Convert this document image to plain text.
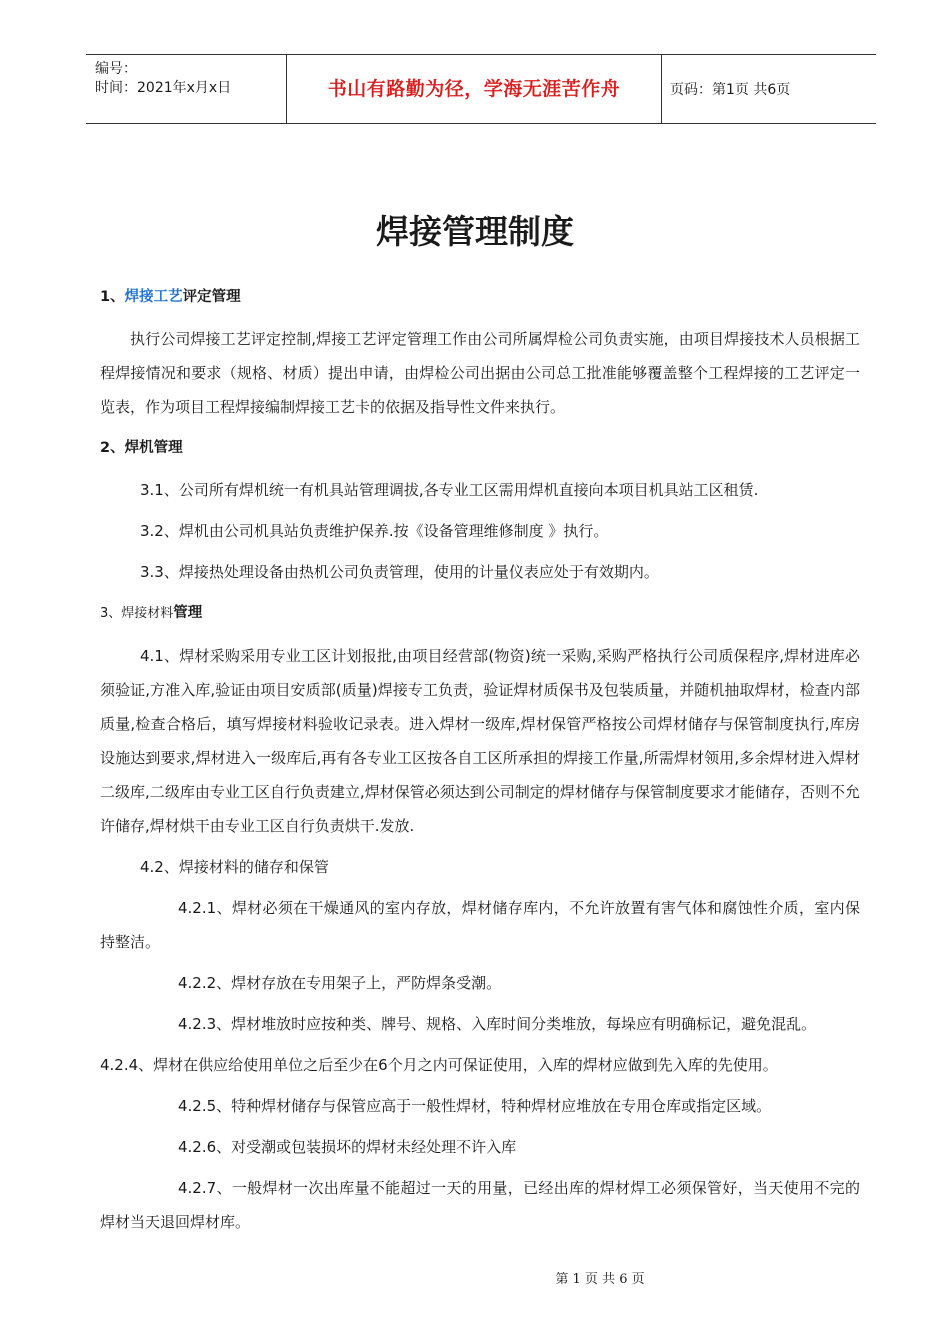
编号：
时间：2021年x月x日	书山有路勤为径，学海无涯苦作舟	页码：第1页 共6页
焊接管理制度

1、焊接工艺评定管理

执行公司焊接工艺评定控制,焊接工艺评定管理工作由公司所属焊检公司负责实施，由项目焊接技术人员根据工程焊接情况和要求（规格、材质）提出申请，由焊检公司出据由公司总工批准能够覆盖整个工程焊接的工艺评定一览表，作为项目工程焊接编制焊接工艺卡的依据及指导性文件来执行。

2、焊机管理

3.1、公司所有焊机统一有机具站管理调拔,各专业工区需用焊机直接向本项目机具站工区租赁.

3.2、焊机由公司机具站负责维护保养.按《设备管理维修制度 》执行。

3.3、焊接热处理设备由热机公司负责管理，使用的计量仪表应处于有效期内。

3、焊接材料管理

4.1、焊材采购采用专业工区计划报批,由项目经营部(物资)统一采购,采购严格执行公司质保程序,焊材进库必须验证,方准入库,验证由项目安质部(质量)焊接专工负责，验证焊材质保书及包装质量，并随机抽取焊材，检查内部质量,检查合格后，填写焊接材料验收记录表。进入焊材一级库,焊材保管严格按公司焊材储存与保管制度执行,库房设施达到要求,焊材进入一级库后,再有各专业工区按各自工区所承担的焊接工作量,所需焊材领用,多余焊材进入焊材二级库,二级库由专业工区自行负责建立,焊材保管必须达到公司制定的焊材储存与保管制度要求才能储存，否则不允许储存,焊材烘干由专业工区自行负责烘干.发放.

4.2、焊接材料的储存和保管

4.2.1、焊材必须在干燥通风的室内存放，焊材储存库内，不允许放置有害气体和腐蚀性介质，室内保持整洁。

4.2.2、焊材存放在专用架子上，严防焊条受潮。

4.2.3、焊材堆放时应按种类、牌号、规格、入库时间分类堆放，每垛应有明确标记，避免混乱。

4.2.4、焊材在供应给使用单位之后至少在6个月之内可保证使用，入库的焊材应做到先入库的先使用。

4.2.5、特种焊材储存与保管应高于一般性焊材，特种焊材应堆放在专用仓库或指定区域。

4.2.6、对受潮或包装损坏的焊材未经处理不许入库

4.2.7、一般焊材一次出库量不能超过一天的用量，已经出库的焊材焊工必须保管好，当天使用不完的焊材当天退回焊材库。

第 1 页 共 6 页
